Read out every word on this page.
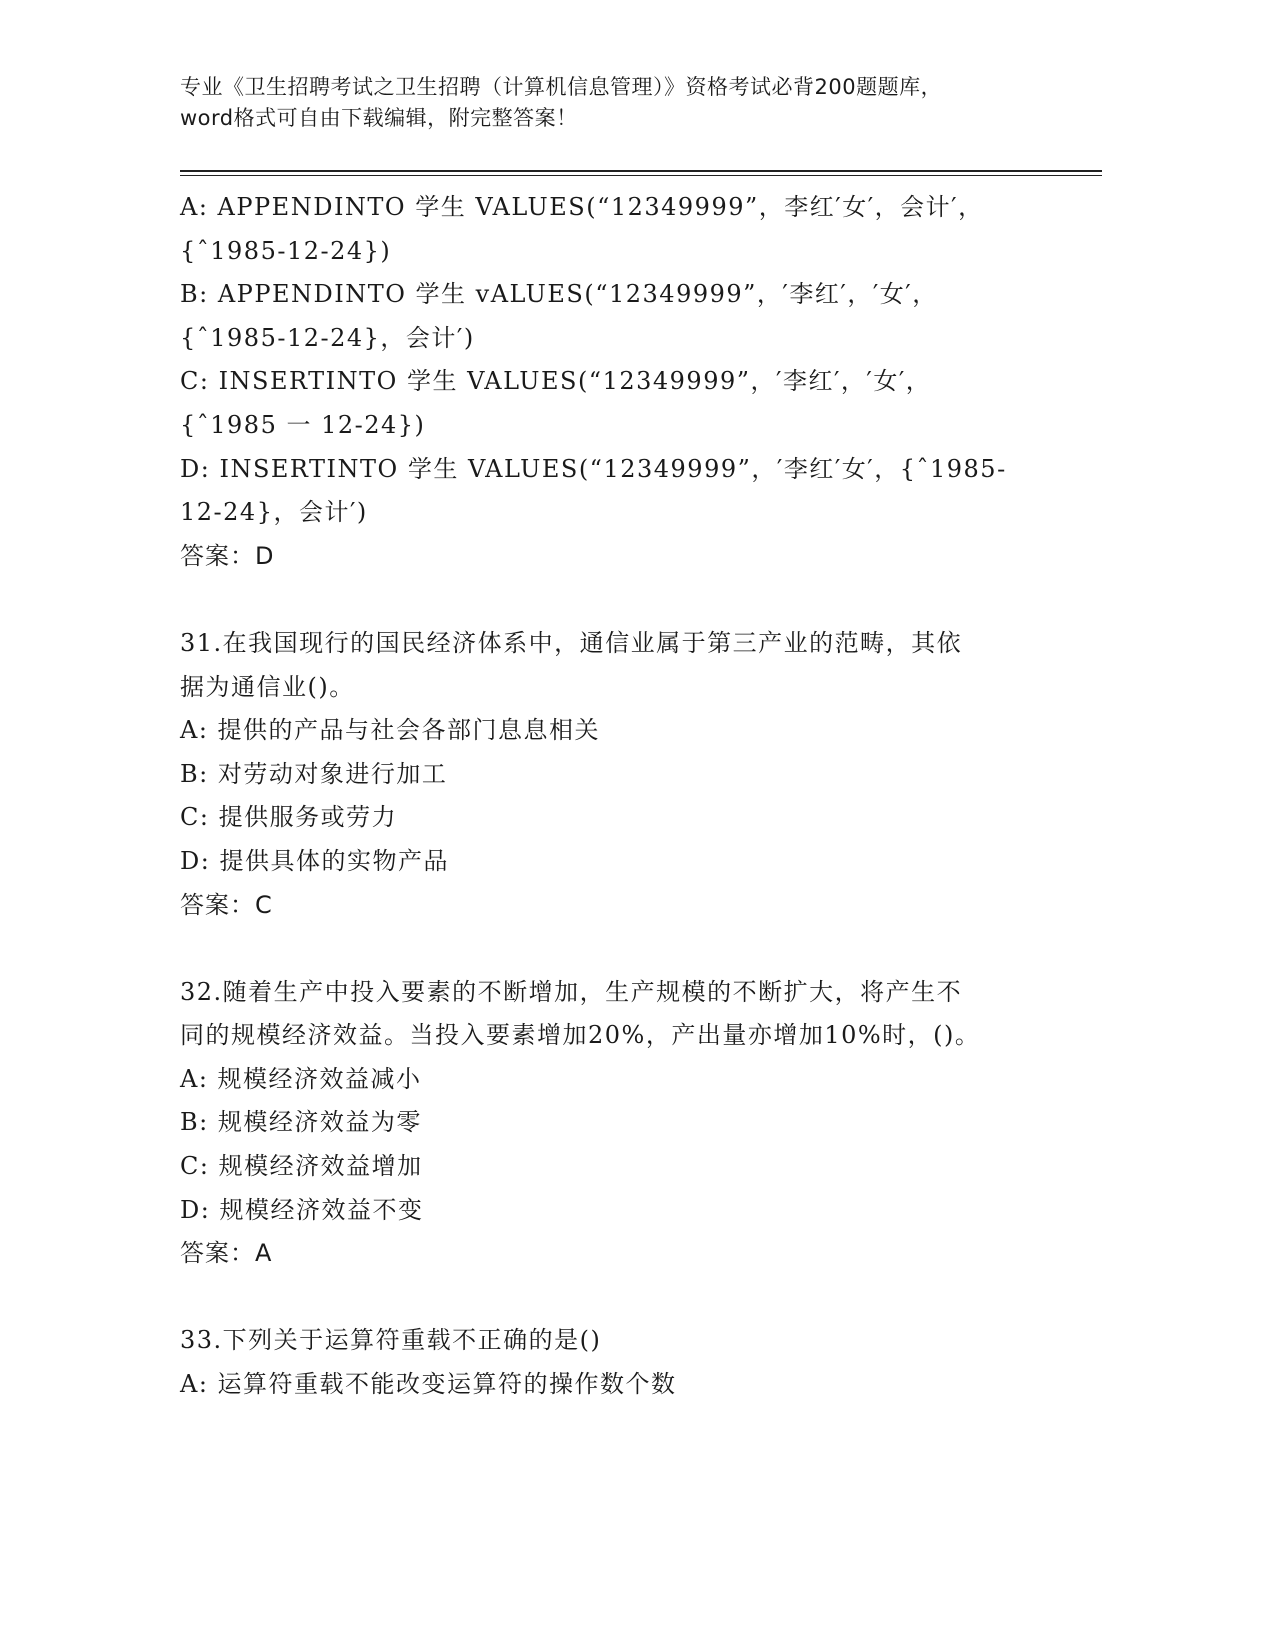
专业《卫生招聘考试之卫生招聘（计算机信息管理）》资格考试必背200题题库，
word格式可自由下载编辑，附完整答案！
A: APPENDINTO 学生 VALUES(“12349999”，李红′女′，会计′，
{ˆ1985-12-24})
B: APPENDINTO 学生 vALUES(“12349999”，′李红′，′女′，
{ˆ1985-12-24}，会计′)
C: INSERTINTO 学生 VALUES(“12349999”，′李红′，′女′，
{ˆ1985 一 12-24})
D: INSERTINTO 学生 VALUES(“12349999”，′李红′女′，{ˆ1985-
12-24}，会计′)
答案：D
31.在我国现行的国民经济体系中，通信业属于第三产业的范畴，其依
据为通信业()。
A: 提供的产品与社会各部门息息相关
B: 对劳动对象进行加工
C: 提供服务或劳力
D: 提供具体的实物产品
答案：C
32.随着生产中投入要素的不断增加，生产规模的不断扩大，将产生不
同的规模经济效益。当投入要素增加20%，产出量亦增加10%时，()。
A: 规模经济效益减小
B: 规模经济效益为零
C: 规模经济效益增加
D: 规模经济效益不变
答案：A
33.下列关于运算符重载不正确的是()
A: 运算符重载不能改变运算符的操作数个数
